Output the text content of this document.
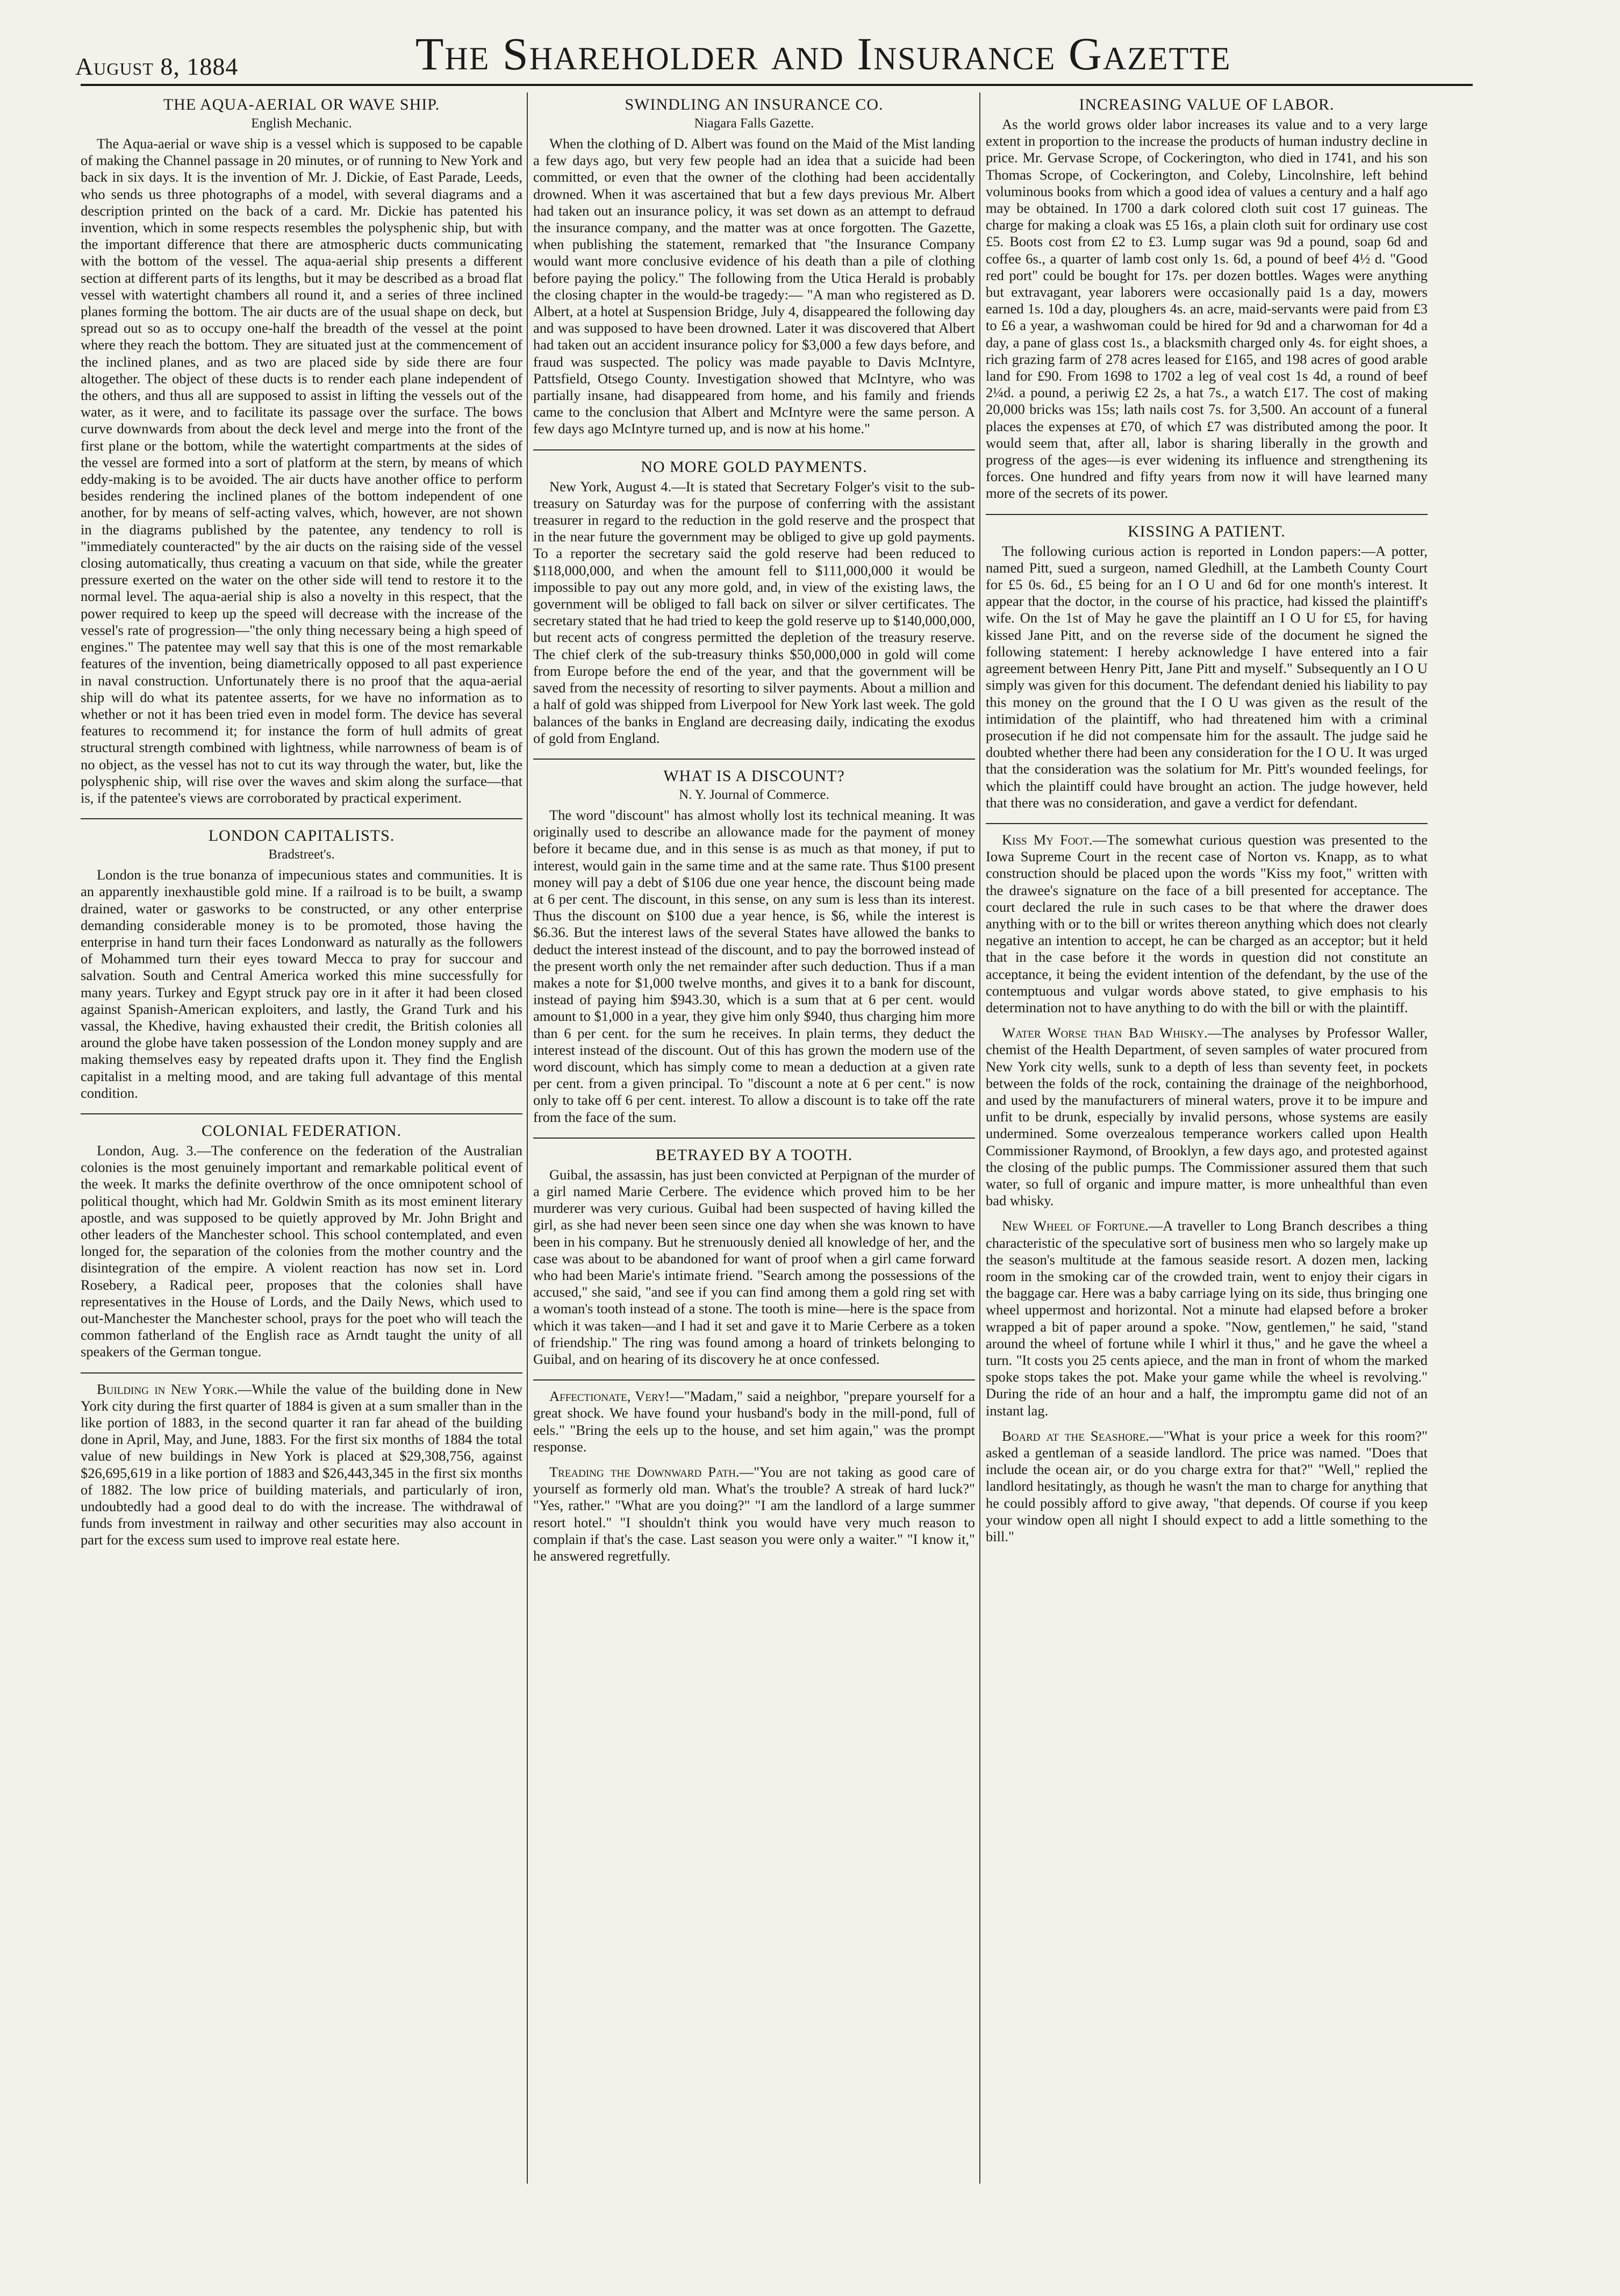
August 8, 1884	The Shareholder and Insurance Gazette
THE AQUA-AERIAL OR WAVE SHIP.
English Mechanic.

The Aqua-aerial or wave ship is a vessel which is supposed to be capable of making the Channel passage in 20 minutes, or of running to New York and back in six days. It is the invention of Mr. J. Dickie, of East Parade, Leeds, who sends us three photographs of a model, with several diagrams and a description printed on the back of a card. Mr. Dickie has patented his invention, which in some respects resembles the polysphenic ship, but with the important difference that there are atmospheric ducts communicating with the bottom of the vessel. The aqua-aerial ship presents a different section at different parts of its lengths, but it may be described as a broad flat vessel with watertight chambers all round it, and a series of three inclined planes forming the bottom. The air ducts are of the usual shape on deck, but spread out so as to occupy one-half the breadth of the vessel at the point where they reach the bottom. They are situated just at the commencement of the inclined planes, and as two are placed side by side there are four altogether. The object of these ducts is to render each plane independent of the others, and thus all are supposed to assist in lifting the vessels out of the water, as it were, and to facilitate its passage over the surface. The bows curve downwards from about the deck level and merge into the front of the first plane or the bottom, while the watertight compartments at the sides of the vessel are formed into a sort of platform at the stern, by means of which eddy-making is to be avoided. The air ducts have another office to perform besides rendering the inclined planes of the bottom independent of one another, for by means of self-acting valves, which, however, are not shown in the diagrams published by the patentee, any tendency to roll is "immediately counteracted" by the air ducts on the raising side of the vessel closing automatically, thus creating a vacuum on that side, while the greater pressure exerted on the water on the other side will tend to restore it to the normal level. The aqua-aerial ship is also a novelty in this respect, that the power required to keep up the speed will decrease with the increase of the vessel's rate of progression—"the only thing necessary being a high speed of engines." The patentee may well say that this is one of the most remarkable features of the invention, being diametrically opposed to all past experience in naval construction. Unfortunately there is no proof that the aqua-aerial ship will do what its patentee asserts, for we have no information as to whether or not it has been tried even in model form. The device has several features to recommend it; for instance the form of hull admits of great structural strength combined with lightness, while narrowness of beam is of no object, as the vessel has not to cut its way through the water, but, like the polysphenic ship, will rise over the waves and skim along the surface—that is, if the patentee's views are corroborated by practical experiment.

LONDON CAPITALISTS.
Bradstreet's.

London is the true bonanza of impecunious states and communities. It is an apparently inexhaustible gold mine. If a railroad is to be built, a swamp drained, water or gasworks to be constructed, or any other enterprise demanding considerable money is to be promoted, those having the enterprise in hand turn their faces Londonward as naturally as the followers of Mohammed turn their eyes toward Mecca to pray for succour and salvation. South and Central America worked this mine successfully for many years. Turkey and Egypt struck pay ore in it after it had been closed against Spanish-American exploiters, and lastly, the Grand Turk and his vassal, the Khedive, having exhausted their credit, the British colonies all around the globe have taken possession of the London money supply and are making themselves easy by repeated drafts upon it. They find the English capitalist in a melting mood, and are taking full advantage of this mental condition.

COLONIAL FEDERATION.

London, Aug. 3.—The conference on the federation of the Australian colonies is the most genuinely important and remarkable political event of the week. It marks the definite overthrow of the once omnipotent school of political thought, which had Mr. Goldwin Smith as its most eminent literary apostle, and was supposed to be quietly approved by Mr. John Bright and other leaders of the Manchester school. This school contemplated, and even longed for, the separation of the colonies from the mother country and the disintegration of the empire. A violent reaction has now set in. Lord Rosebery, a Radical peer, proposes that the colonies shall have representatives in the House of Lords, and the Daily News, which used to out-Manchester the Manchester school, prays for the poet who will teach the common fatherland of the English race as Arndt taught the unity of all speakers of the German tongue.

Building in New York.—While the value of the building done in New York city during the first quarter of 1884 is given at a sum smaller than in the like portion of 1883, in the second quarter it ran far ahead of the building done in April, May, and June, 1883. For the first six months of 1884 the total value of new buildings in New York is placed at $29,308,756, against $26,695,619 in a like portion of 1883 and $26,443,345 in the first six months of 1882. The low price of building materials, and particularly of iron, undoubtedly had a good deal to do with the increase. The withdrawal of funds from investment in railway and other securities may also account in part for the excess sum used to improve real estate here.

SWINDLING AN INSURANCE CO.
Niagara Falls Gazette.

When the clothing of D. Albert was found on the Maid of the Mist landing a few days ago, but very few people had an idea that a suicide had been committed, or even that the owner of the clothing had been accidentally drowned. When it was ascertained that but a few days previous Mr. Albert had taken out an insurance policy, it was set down as an attempt to defraud the insurance company, and the matter was at once forgotten. The Gazette, when publishing the statement, remarked that "the Insurance Company would want more conclusive evidence of his death than a pile of clothing before paying the policy." The following from the Utica Herald is probably the closing chapter in the would-be tragedy:— "A man who registered as D. Albert, at a hotel at Suspension Bridge, July 4, disappeared the following day and was supposed to have been drowned. Later it was discovered that Albert had taken out an accident insurance policy for $3,000 a few days before, and fraud was suspected. The policy was made payable to Davis McIntyre, Pattsfield, Otsego County. Investigation showed that McIntyre, who was partially insane, had disappeared from home, and his family and friends came to the conclusion that Albert and McIntyre were the same person. A few days ago McIntyre turned up, and is now at his home."

NO MORE GOLD PAYMENTS.

New York, August 4.—It is stated that Secretary Folger's visit to the sub-treasury on Saturday was for the purpose of conferring with the assistant treasurer in regard to the reduction in the gold reserve and the prospect that in the near future the government may be obliged to give up gold payments. To a reporter the secretary said the gold reserve had been reduced to $118,000,000, and when the amount fell to $111,000,000 it would be impossible to pay out any more gold, and, in view of the existing laws, the government will be obliged to fall back on silver or silver certificates. The secretary stated that he had tried to keep the gold reserve up to $140,000,000, but recent acts of congress permitted the depletion of the treasury reserve. The chief clerk of the sub-treasury thinks $50,000,000 in gold will come from Europe before the end of the year, and that the government will be saved from the necessity of resorting to silver payments. About a million and a half of gold was shipped from Liverpool for New York last week. The gold balances of the banks in England are decreasing daily, indicating the exodus of gold from England.

WHAT IS A DISCOUNT?
N. Y. Journal of Commerce.

The word "discount" has almost wholly lost its technical meaning. It was originally used to describe an allowance made for the payment of money before it became due, and in this sense is as much as that money, if put to interest, would gain in the same time and at the same rate. Thus $100 present money will pay a debt of $106 due one year hence, the discount being made at 6 per cent. The discount, in this sense, on any sum is less than its interest. Thus the discount on $100 due a year hence, is $6, while the interest is $6.36. But the interest laws of the several States have allowed the banks to deduct the interest instead of the discount, and to pay the borrowed instead of the present worth only the net remainder after such deduction. Thus if a man makes a note for $1,000 twelve months, and gives it to a bank for discount, instead of paying him $943.30, which is a sum that at 6 per cent. would amount to $1,000 in a year, they give him only $940, thus charging him more than 6 per cent. for the sum he receives. In plain terms, they deduct the interest instead of the discount. Out of this has grown the modern use of the word discount, which has simply come to mean a deduction at a given rate per cent. from a given principal. To "discount a note at 6 per cent." is now only to take off 6 per cent. interest. To allow a discount is to take off the rate from the face of the sum.

BETRAYED BY A TOOTH.

Guibal, the assassin, has just been convicted at Perpignan of the murder of a girl named Marie Cerbere. The evidence which proved him to be her murderer was very curious. Guibal had been suspected of having killed the girl, as she had never been seen since one day when she was known to have been in his company. But he strenuously denied all knowledge of her, and the case was about to be abandoned for want of proof when a girl came forward who had been Marie's intimate friend. "Search among the possessions of the accused," she said, "and see if you can find among them a gold ring set with a woman's tooth instead of a stone. The tooth is mine—here is the space from which it was taken—and I had it set and gave it to Marie Cerbere as a token of friendship." The ring was found among a hoard of trinkets belonging to Guibal, and on hearing of its discovery he at once confessed.

Affectionate, Very!—"Madam," said a neighbor, "prepare yourself for a great shock. We have found your husband's body in the mill-pond, full of eels." "Bring the eels up to the house, and set him again," was the prompt response.

Treading the Downward Path.—"You are not taking as good care of yourself as formerly old man. What's the trouble? A streak of hard luck?" "Yes, rather." "What are you doing?" "I am the landlord of a large summer resort hotel." "I shouldn't think you would have very much reason to complain if that's the case. Last season you were only a waiter." "I know it," he answered regretfully.

INCREASING VALUE OF LABOR.

As the world grows older labor increases its value and to a very large extent in proportion to the increase the products of human industry decline in price. Mr. Gervase Scrope, of Cockerington, who died in 1741, and his son Thomas Scrope, of Cockerington, and Coleby, Lincolnshire, left behind voluminous books from which a good idea of values a century and a half ago may be obtained. In 1700 a dark colored cloth suit cost 17 guineas. The charge for making a cloak was £5 16s, a plain cloth suit for ordinary use cost £5. Boots cost from £2 to £3. Lump sugar was 9d a pound, soap 6d and coffee 6s., a quarter of lamb cost only 1s. 6d, a pound of beef 4½ d. "Good red port" could be bought for 17s. per dozen bottles. Wages were anything but extravagant, year laborers were occasionally paid 1s a day, mowers earned 1s. 10d a day, ploughers 4s. an acre, maid-servants were paid from £3 to £6 a year, a washwoman could be hired for 9d and a charwoman for 4d a day, a pane of glass cost 1s., a blacksmith charged only 4s. for eight shoes, a rich grazing farm of 278 acres leased for £165, and 198 acres of good arable land for £90. From 1698 to 1702 a leg of veal cost 1s 4d, a round of beef 2¼d. a pound, a periwig £2 2s, a hat 7s., a watch £17. The cost of making 20,000 bricks was 15s; lath nails cost 7s. for 3,500. An account of a funeral places the expenses at £70, of which £7 was distributed among the poor. It would seem that, after all, labor is sharing liberally in the growth and progress of the ages—is ever widening its influence and strengthening its forces. One hundred and fifty years from now it will have learned many more of the secrets of its power.

KISSING A PATIENT.

The following curious action is reported in London papers:—A potter, named Pitt, sued a surgeon, named Gledhill, at the Lambeth County Court for £5 0s. 6d., £5 being for an I O U and 6d for one month's interest. It appear that the doctor, in the course of his practice, had kissed the plaintiff's wife. On the 1st of May he gave the plaintiff an I O U for £5, for having kissed Jane Pitt, and on the reverse side of the document he signed the following statement: I hereby acknowledge I have entered into a fair agreement between Henry Pitt, Jane Pitt and myself." Subsequently an I O U simply was given for this document. The defendant denied his liability to pay this money on the ground that the I O U was given as the result of the intimidation of the plaintiff, who had threatened him with a criminal prosecution if he did not compensate him for the assault. The judge said he doubted whether there had been any consideration for the I O U. It was urged that the consideration was the solatium for Mr. Pitt's wounded feelings, for which the plaintiff could have brought an action. The judge however, held that there was no consideration, and gave a verdict for defendant.

Kiss My Foot.—The somewhat curious question was presented to the Iowa Supreme Court in the recent case of Norton vs. Knapp, as to what construction should be placed upon the words "Kiss my foot," written with the drawee's signature on the face of a bill presented for acceptance. The court declared the rule in such cases to be that where the drawer does anything with or to the bill or writes thereon anything which does not clearly negative an intention to accept, he can be charged as an acceptor; but it held that in the case before it the words in question did not constitute an acceptance, it being the evident intention of the defendant, by the use of the contemptuous and vulgar words above stated, to give emphasis to his determination not to have anything to do with the bill or with the plaintiff.

Water Worse than Bad Whisky.—The analyses by Professor Waller, chemist of the Health Department, of seven samples of water procured from New York city wells, sunk to a depth of less than seventy feet, in pockets between the folds of the rock, containing the drainage of the neighborhood, and used by the manufacturers of mineral waters, prove it to be impure and unfit to be drunk, especially by invalid persons, whose systems are easily undermined. Some overzealous temperance workers called upon Health Commissioner Raymond, of Brooklyn, a few days ago, and protested against the closing of the public pumps. The Commissioner assured them that such water, so full of organic and impure matter, is more unhealthful than even bad whisky.

New Wheel of Fortune.—A traveller to Long Branch describes a thing characteristic of the speculative sort of business men who so largely make up the season's multitude at the famous seaside resort. A dozen men, lacking room in the smoking car of the crowded train, went to enjoy their cigars in the baggage car. Here was a baby carriage lying on its side, thus bringing one wheel uppermost and horizontal. Not a minute had elapsed before a broker wrapped a bit of paper around a spoke. "Now, gentlemen," he said, "stand around the wheel of fortune while I whirl it thus," and he gave the wheel a turn. "It costs you 25 cents apiece, and the man in front of whom the marked spoke stops takes the pot. Make your game while the wheel is revolving." During the ride of an hour and a half, the impromptu game did not of an instant lag.

Board at the Seashore.—"What is your price a week for this room?" asked a gentleman of a seaside landlord. The price was named. "Does that include the ocean air, or do you charge extra for that?" "Well," replied the landlord hesitatingly, as though he wasn't the man to charge for anything that he could possibly afford to give away, "that depends. Of course if you keep your window open all night I should expect to add a little something to the bill."
